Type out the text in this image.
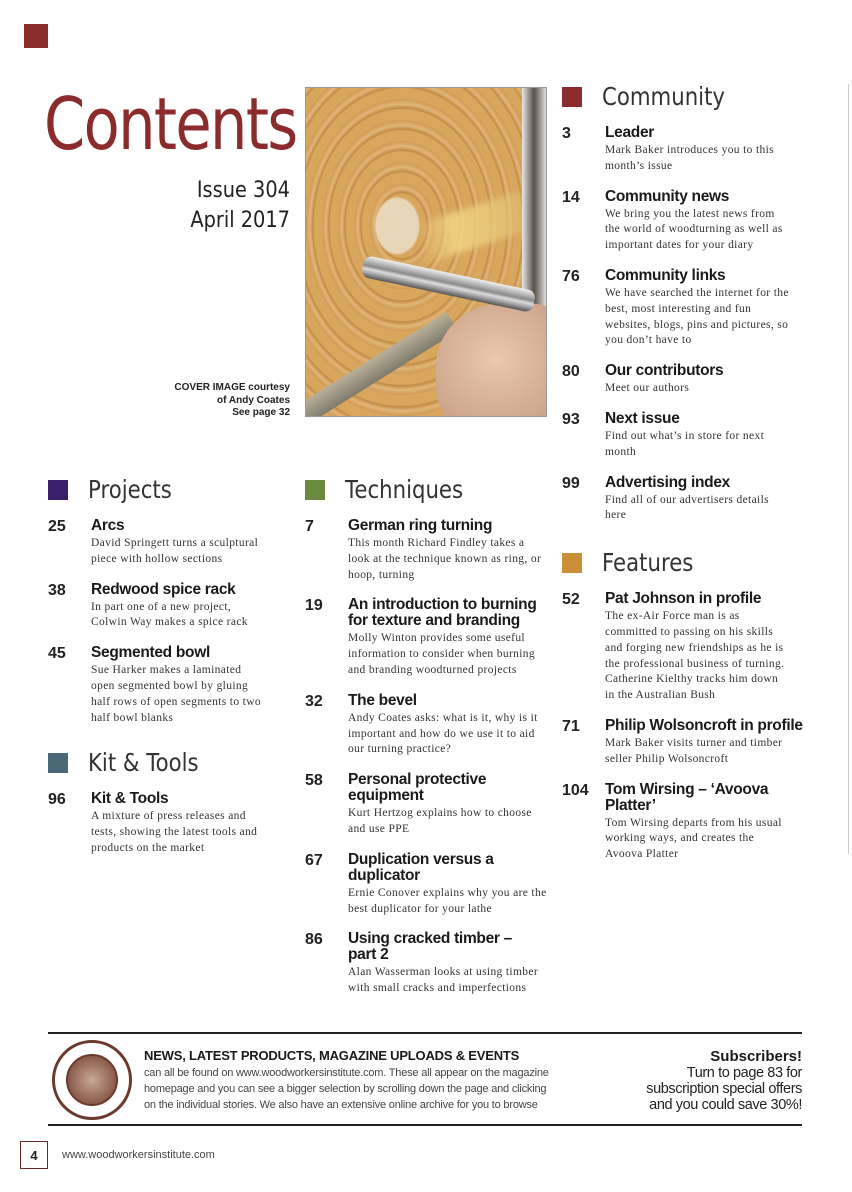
Contents
Issue 304
April 2017
COVER IMAGE courtesy
of Andy Coates
See page 32
Community
3	Leader
Mark Baker introduces you to this month’s issue
14	Community news
We bring you the latest news from the world of woodturning as well as important dates for your diary
76	Community links
We have searched the internet for the best, most interesting and fun websites, blogs, pins and pictures, so you don’t have to
80	Our contributors
Meet our authors
93	Next issue
Find out what’s in store for next month
99	Advertising index
Find all of our advertisers details here
Features
52	Pat Johnson in profile
The ex-Air Force man is as committed to passing on his skills and forging new friendships as he is the professional business of turning. Catherine Kielthy tracks him down in the Australian Bush
71	Philip Wolsoncroft in profile
Mark Baker visits turner and timber seller Philip Wolsoncroft
104	Tom Wirsing – ‘Avoova Platter’
Tom Wirsing departs from his usual working ways, and creates the Avoova Platter
Projects
25	Arcs
David Springett turns a sculptural piece with hollow sections
38	Redwood spice rack
In part one of a new project, Colwin Way makes a spice rack
45	Segmented bowl
Sue Harker makes a laminated open segmented bowl by gluing half rows of open segments to two half bowl blanks
Kit & Tools
96	Kit & Tools
A mixture of press releases and tests, showing the latest tools and products on the market
Techniques
7	German ring turning
This month Richard Findley takes a look at the technique known as ring, or hoop, turning
19	An introduction to burning for texture and branding
Molly Winton provides some useful information to consider when burning and branding woodturned projects
32	The bevel
Andy Coates asks: what is it, why is it important and how do we use it to aid our turning practice?
58	Personal protective equipment
Kurt Hertzog explains how to choose and use PPE
67	Duplication versus a duplicator
Ernie Conover explains why you are the best duplicator for your lathe
86	Using cracked timber – part 2
Alan Wasserman looks at using timber with small cracks and imperfections
NEWS, LATEST PRODUCTS, MAGAZINE UPLOADS & EVENTS
can all be found on www.woodworkersinstitute.com. These all appear on the magazine homepage and you can see a bigger selection by scrolling down the page and clicking on the individual stories. We also have an extensive online archive for you to browse
Subscribers!
Turn to page 83 for
subscription special offers
and you could save 30%!
4	www.woodworkersinstitute.com
